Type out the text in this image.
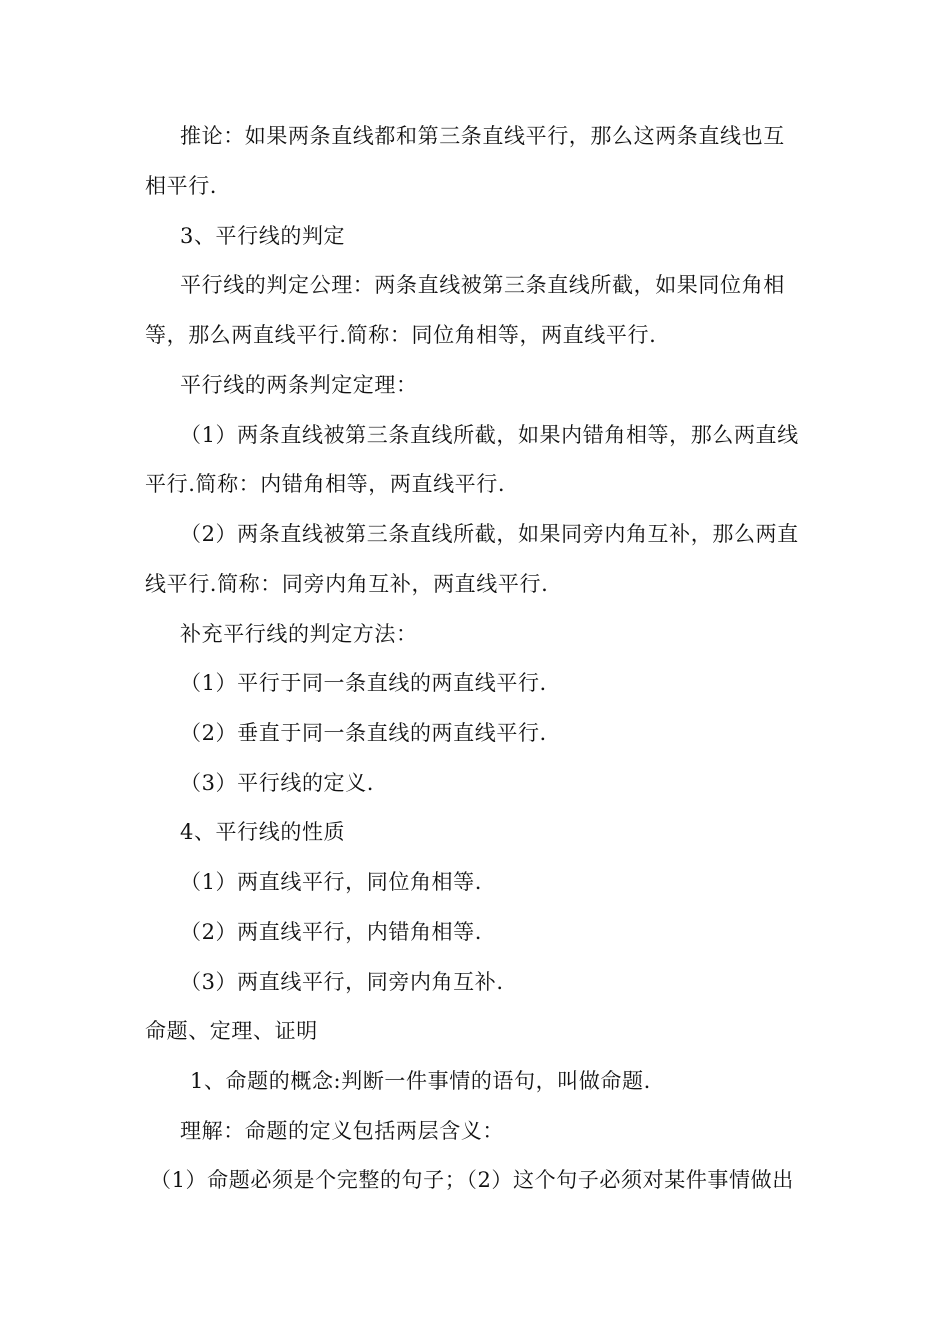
推论：如果两条直线都和第三条直线平行，那么这两条直线也互
相平行.
3、平行线的判定
平行线的判定公理：两条直线被第三条直线所截，如果同位角相
等，那么两直线平行.简称：同位角相等，两直线平行.
平行线的两条判定定理：
（1）两条直线被第三条直线所截，如果内错角相等，那么两直线
平行.简称：内错角相等，两直线平行.
（2）两条直线被第三条直线所截，如果同旁内角互补，那么两直
线平行.简称：同旁内角互补，两直线平行.
补充平行线的判定方法：
（1）平行于同一条直线的两直线平行.
（2）垂直于同一条直线的两直线平行.
（3）平行线的定义.
4、平行线的性质
（1）两直线平行，同位角相等.
（2）两直线平行，内错角相等.
（3）两直线平行，同旁内角互补.
命题、定理、证明
1、命题的概念:判断一件事情的语句，叫做命题.
理解：命题的定义包括两层含义：
（1）命题必须是个完整的句子；（2）这个句子必须对某件事情做出
